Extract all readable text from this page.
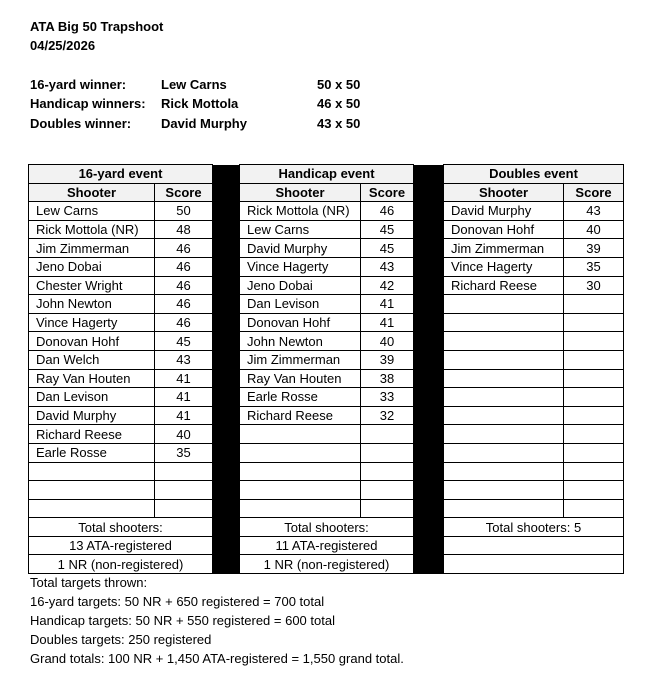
ATA Big 50 Trapshoot
04/25/2026
16-yard winner:	Lew Carns	50 x 50
Handicap winners: Rick Mottola	46 x 50
Doubles winner: David Murphy	43 x 50
16-yard event			Handicap event			Doubles event	
Shooter	Score		Shooter	Score		Shooter	Score
Lew Carns	50		Rick Mottola (NR)	46		David Murphy	43
Rick Mottola (NR)	48		Lew Carns	45		Donovan Hohf	40
Jim Zimmerman	46		David Murphy	45		Jim Zimmerman	39
Jeno Dobai	46		Vince Hagerty	43		Vince Hagerty	35
Chester Wright	46		Jeno Dobai	42		Richard Reese	30
John Newton	46		Dan Levison	41			
Vince Hagerty	46		Donovan Hohf	41			
Donovan Hohf	45		John Newton	40			
Dan Welch	43		Jim Zimmerman	39			
Ray Van Houten	41		Ray Van Houten	38			
Dan Levison	41		Earle Rosse	33			
David Murphy	41		Richard Reese	32			
Richard Reese	40						
Earle Rosse	35						

Total shooters:			Total shooters:			Total shooters: 5	
13 ATA-registered			11 ATA-registered				
1 NR (non-registered)			1 NR (non-registered)				
Total targets thrown:
16-yard targets: 50 NR + 650 registered = 700 total
Handicap targets: 50 NR + 550 registered = 600 total
Doubles targets: 250 registered
Grand totals: 100 NR + 1,450 ATA-registered = 1,550 grand total.
